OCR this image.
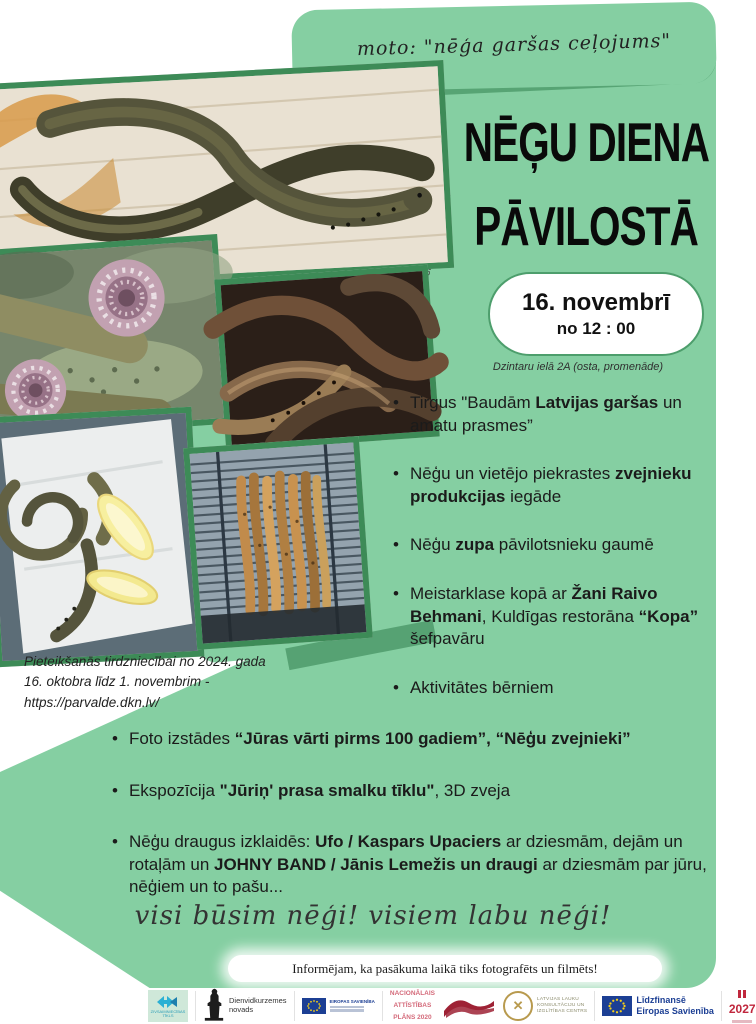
moto: "nēģa garšas ceļojums"
NĒĢU DIENA
PĀVILOSTĀ
16. novembrī
no 12 : 00
Dzintaru ielā 2A (osta, promenāde)
• Tirgus "Baudām Latvijas garšas un amatu prasmes”
• Nēģu un vietējo piekrastes zvejnieku produkcijas iegāde
• Nēģu zupa pāvilotsnieku gaumē
• Meistarklase kopā ar Žani Raivo Behmani, Kuldīgas restorāna “Kopa” šefpavāru
• Aktivitātes bērniem
• Foto izstādes “Jūras vārti pirms 100 gadiem”, “Nēģu zvejnieki”
• Ekspozīcija "Jūriņ' prasa smalku tīklu", 3D zveja
• Nēģu draugus izklaidēs: Ufo / Kaspars Upaciers ar dziesmām, dejām un rotaļām un JOHNY BAND / Jānis Lemežis un draugi ar dziesmām par jūru, nēģiem un to pašu...
Pieteikšanās tirdzniecībai no 2024. gada
16. oktobra līdz 1. novembrim -
https://parvalde.dkn.lv/
visi būsim nēģi! visiem labu nēģi!
Informējam, ka pasākuma laikā tiks fotografēts un filmēts!
ZIVSAIMNIECĪBAS TĪKLS
Dienvidkurzemes
novads
EIROPAS SAVIENĪBA
NACIONĀLAIS
ATTĪSTĪBAS
PLĀNS 2020
✕	LATVIJAS LAUKU
KONSULTĀCIJU UN
IZGLĪTĪBAS CENTRS
Līdzfinansē
Eiropas Savienība 2027
